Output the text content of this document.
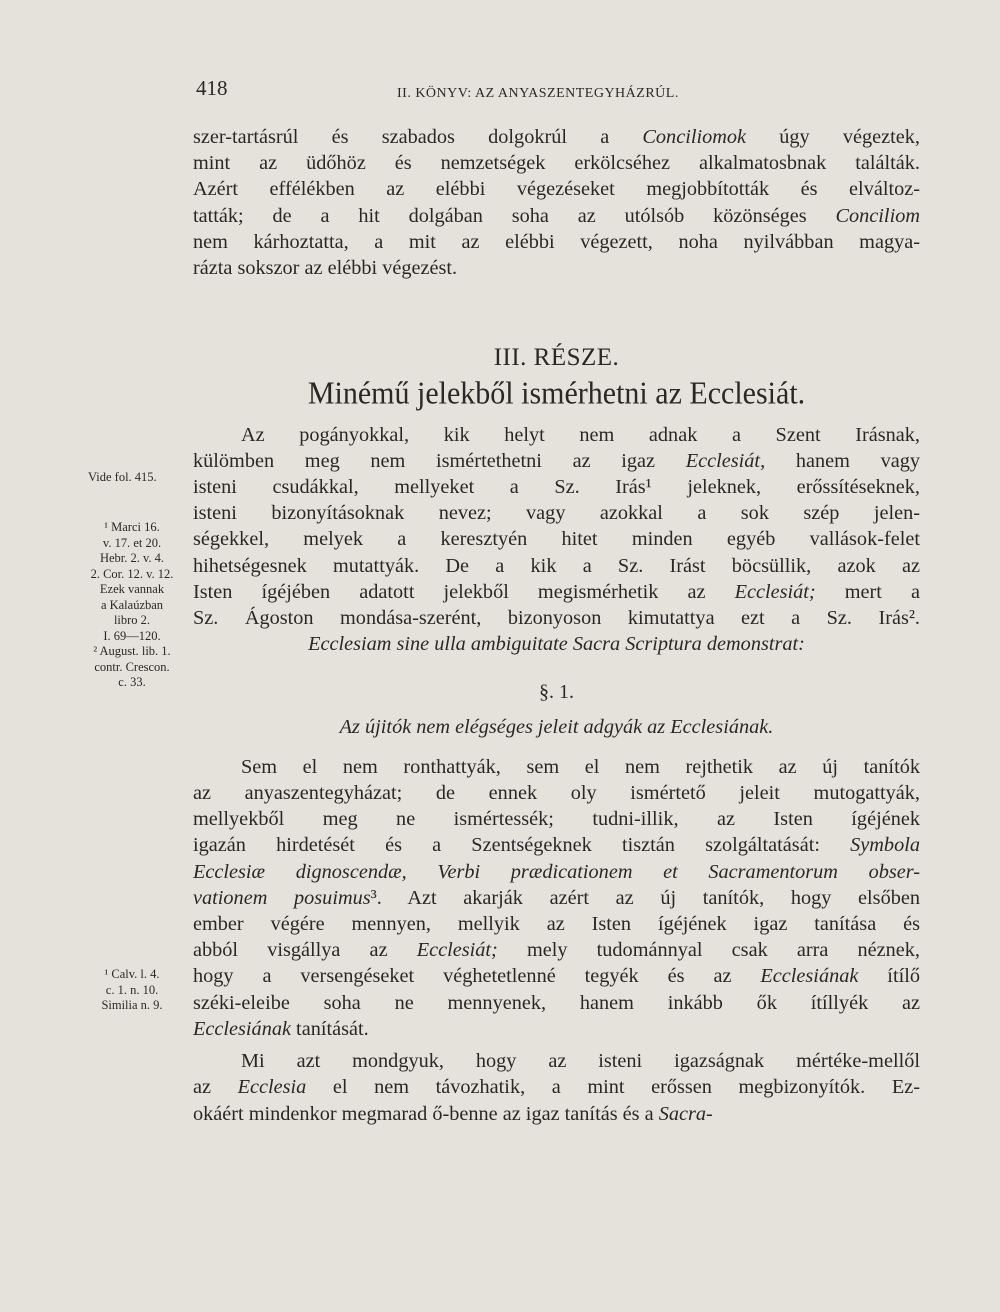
418	II. KÖNYV: AZ ANYASZENTEGYHÁZRÚL.

szer-tartásrúl és szabados dolgokrúl a Conciliomok úgy végeztek,
mint az üdőhöz és nemzetségek erkölcséhez alkalmatosbnak találták.
Azért effélékben az elébbi végezéseket megjobbították és elváltoz-
tatták; de a hit dolgában soha az utólsób közönséges Conciliom
nem kárhoztatta, a mit az elébbi végezett, noha nyilvábban magya-
rázta sokszor az elébbi végezést.

III. RÉSZE.
Minémű jelekből ismérhetni az Ecclesiát.

Az pogányokkal, kik helyt nem adnak a Szent Irásnak,
külömben meg nem ismértethetni az igaz Ecclesiát, hanem vagy
isteni csudákkal, mellyeket a Sz. Irás¹ jeleknek, erőssítéseknek,
isteni bizonyításoknak nevez; vagy azokkal a sok szép jelen-
ségekkel, melyek a keresztyén hitet minden egyéb vallások-felet
hihetségesnek mutattyák. De a kik a Sz. Irást böcsüllik, azok az
Isten ígéjében adatott jelekből megismérhetik az Ecclesiát; mert a
Sz. Ágoston mondása-szerént, bizonyoson kimutattya ezt a Sz. Irás².
Ecclesiam sine ulla ambiguitate Sacra Scriptura demonstrat:

§. 1.
Az újitók nem elégséges jeleit adgyák az Ecclesiának.

Sem el nem ronthattyák, sem el nem rejthetik az új tanítók
az anyaszentegyházat; de ennek oly ismértető jeleit mutogattyák,
mellyekből meg ne ismértessék; tudni-illik, az Isten ígéjének
igazán hirdetését és a Szentségeknek tisztán szolgáltatását: Symbola
Ecclesiæ dignoscendæ, Verbi prædicationem et Sacramentorum obser-
vationem posuimus³. Azt akarják azért az új tanítók, hogy elsőben
ember végére mennyen, mellyik az Isten ígéjének igaz tanítása és
abból visgállya az Ecclesiát; mely tudománnyal csak arra néznek,
hogy a versengéseket véghetetlenné tegyék és az Ecclesiának ítílő
széki-eleibe soha ne mennyenek, hanem inkább ők ítíllyék az
Ecclesiának tanítását.

Mi azt mondgyuk, hogy az isteni igazságnak mértéke-mellől
az Ecclesia el nem távozhatik, a mint erőssen megbizonyítók. Ez-
okáért mindenkor megmarad ő-benne az igaz tanítás és a Sacra-

Vide fol. 415.
¹ Marci 16.
v. 17. et 20.
Hebr. 2. v. 4.
2. Cor. 12. v. 12.
Ezek vannak
a Kalaúzban
libro 2.
I. 69—120.
² August. lib. 1.
contr. Crescon.
c. 33.
¹ Calv. l. 4.
c. 1. n. 10.
Similia n. 9.
